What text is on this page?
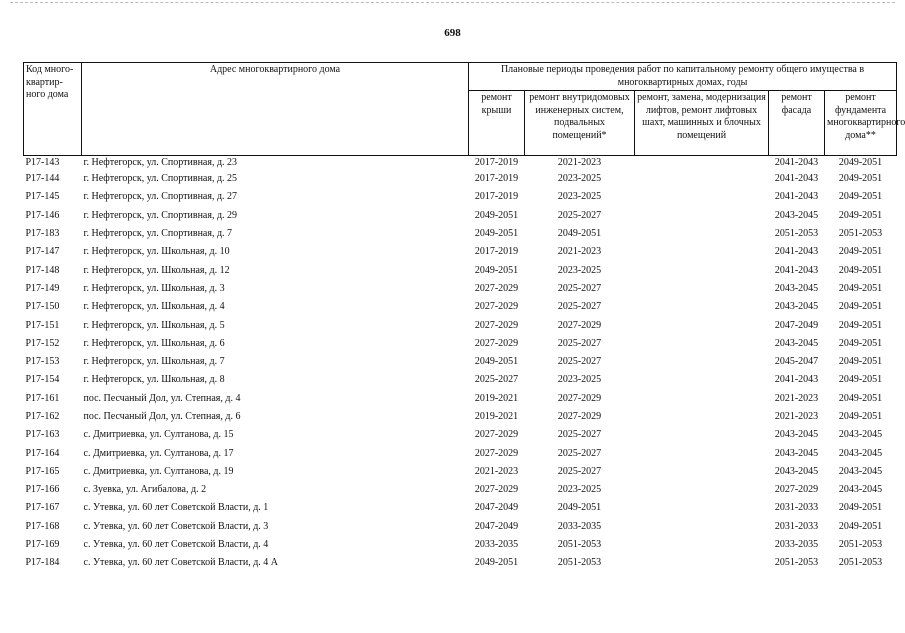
698
Код много-квартир-ного дома	Адрес многоквартирного дома	Плановые периоды проведения работ по капитальному ремонту общего имущества в многоквартирных домах, годы				
		ремонт крыши	ремонт внутридомовых инженерных систем, подвальных помещений*	ремонт, замена, модернизация лифтов, ремонт лифтовых шахт, машинных и блочных помещений	ремонт фасада	ремонт фундамента многоквартирного дома**
Р17-143	г. Нефтегорск, ул. Спортивная, д. 23	2017-2019	2021-2023		2041-2043	2049-2051
Р17-144	г. Нефтегорск, ул. Спортивная, д. 25	2017-2019	2023-2025		2041-2043	2049-2051
Р17-145	г. Нефтегорск, ул. Спортивная, д. 27	2017-2019	2023-2025		2041-2043	2049-2051
Р17-146	г. Нефтегорск, ул. Спортивная, д. 29	2049-2051	2025-2027		2043-2045	2049-2051
Р17-183	г. Нефтегорск, ул. Спортивная, д. 7	2049-2051	2049-2051		2051-2053	2051-2053
Р17-147	г. Нефтегорск, ул. Школьная, д. 10	2017-2019	2021-2023		2041-2043	2049-2051
Р17-148	г. Нефтегорск, ул. Школьная, д. 12	2049-2051	2023-2025		2041-2043	2049-2051
Р17-149	г. Нефтегорск, ул. Школьная, д. 3	2027-2029	2025-2027		2043-2045	2049-2051
Р17-150	г. Нефтегорск, ул. Школьная, д. 4	2027-2029	2025-2027		2043-2045	2049-2051
Р17-151	г. Нефтегорск, ул. Школьная, д. 5	2027-2029	2027-2029		2047-2049	2049-2051
Р17-152	г. Нефтегорск, ул. Школьная, д. 6	2027-2029	2025-2027		2043-2045	2049-2051
Р17-153	г. Нефтегорск, ул. Школьная, д. 7	2049-2051	2025-2027		2045-2047	2049-2051
Р17-154	г. Нефтегорск, ул. Школьная, д. 8	2025-2027	2023-2025		2041-2043	2049-2051
Р17-161	пос. Песчаный Дол, ул. Степная, д. 4	2019-2021	2027-2029		2021-2023	2049-2051
Р17-162	пос. Песчаный Дол, ул. Степная, д. 6	2019-2021	2027-2029		2021-2023	2049-2051
Р17-163	с. Дмитриевка, ул. Султанова, д. 15	2027-2029	2025-2027		2043-2045	2043-2045
Р17-164	с. Дмитриевка, ул. Султанова, д. 17	2027-2029	2025-2027		2043-2045	2043-2045
Р17-165	с. Дмитриевка, ул. Султанова, д. 19	2021-2023	2025-2027		2043-2045	2043-2045
Р17-166	с. Зуевка, ул. Агибалова, д. 2	2027-2029	2023-2025		2027-2029	2043-2045
Р17-167	с. Утевка, ул. 60 лет Советской Власти, д. 1	2047-2049	2049-2051		2031-2033	2049-2051
Р17-168	с. Утевка, ул. 60 лет Советской Власти, д. 3	2047-2049	2033-2035		2031-2033	2049-2051
Р17-169	с. Утевка, ул. 60 лет Советской Власти, д. 4	2033-2035	2051-2053		2033-2035	2051-2053
Р17-184	с. Утевка, ул. 60 лет Советской Власти, д. 4 А	2049-2051	2051-2053		2051-2053	2051-2053
